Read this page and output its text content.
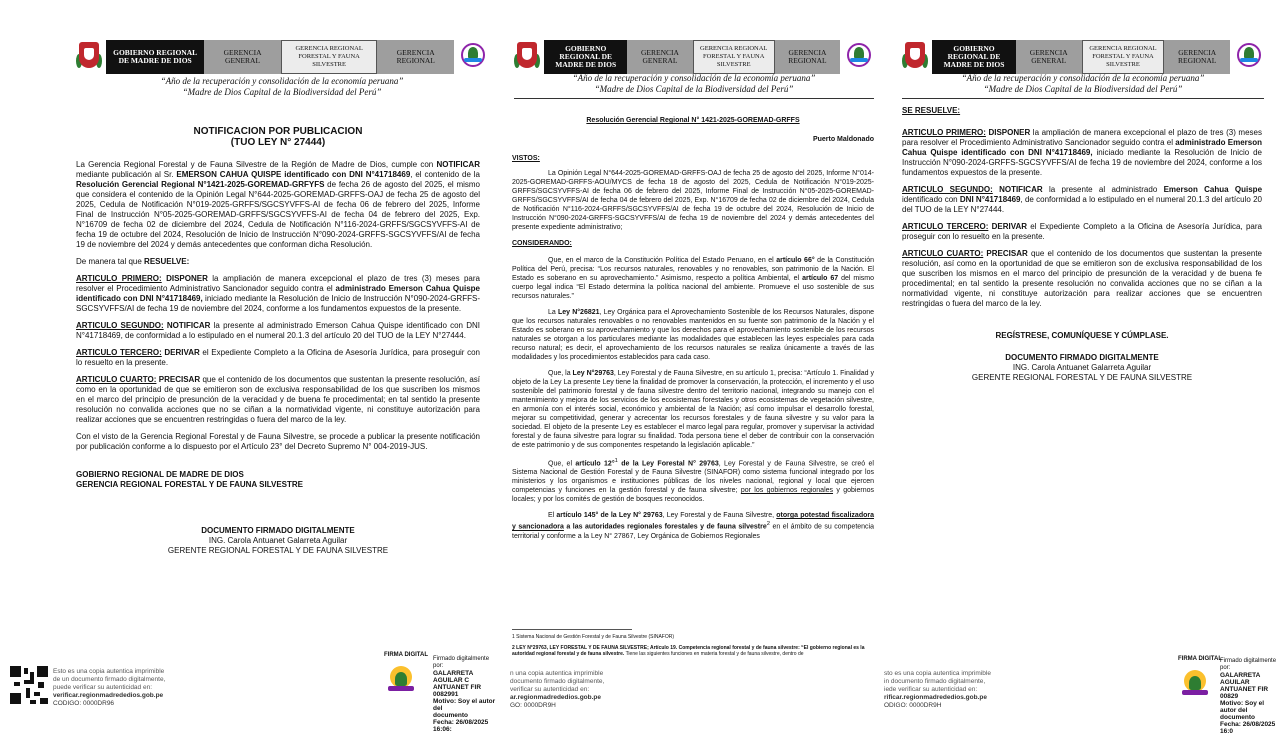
GOBIERNO REGIONAL DE MADRE DE DIOS
GERENCIA GENERAL
GERENCIA REGIONAL FORESTAL Y FAUNA SILVESTRE
GERENCIA REGIONAL
“Año de la recuperación y consolidación de la economía peruana”
“Madre de Dios Capital de la Biodiversidad del Perú”
NOTIFICACION POR PUBLICACION
(TUO LEY N° 27444)

La Gerencia Regional Forestal y de Fauna Silvestre de la Región de Madre de Dios, cumple con NOTIFICAR mediante publicación al Sr. EMERSON CAHUA QUISPE identificado con DNI N°41718469, el contenido de la Resolución Gerencial Regional N°1421-2025-GOREMAD-GRFYFS de fecha 26 de agosto del 2025, el mismo que considera el contenido de la Opinión Legal N°644-2025-GOREMAD-GRFFS-OAJ de fecha 25 de agosto del 2025, Cedula de Notificación N°019-2025-GRFFS/SGCSYVFFS-AI de fecha 06 de febrero del 2025, Informe Final de Instrucción N°05-2025-GOREMAD-GRFFS/SGCSYVFFS-AI de fecha 04 de febrero del 2025, Exp. N°16709 de fecha 02 de diciembre del 2024, Cedula de Notificación N°116-2024-GRFFS/SGCSYVFFS-AI de fecha 19 de octubre del 2024, Resolución de Inicio de Instrucción N°090-2024-GRFFS-SGCSYVFFS/AI de fecha 19 de noviembre del 2024 y demás antecedentes que conforman dicha Resolución.

De manera tal que RESUELVE:

ARTICULO PRIMERO: DISPONER la ampliación de manera excepcional el plazo de tres (3) meses para resolver el Procedimiento Administrativo Sancionador seguido contra el administrado Emerson Cahua Quispe identificado con DNI N°41718469, iniciado mediante la Resolución de Inicio de Instrucción N°090-2024-GRFFS-SGCSYVFFS/AI de fecha 19 de noviembre del 2024, conforme a los fundamentos expuestos de la presente.

ARTICULO SEGUNDO: NOTIFICAR la presente al administrado Emerson Cahua Quispe identificado con DNI N°41718469, de conformidad a lo estipulado en el numeral 20.1.3 del artículo 20 del TUO de la LEY N°27444.

ARTICULO TERCERO: DERIVAR el Expediente Completo a la Oficina de Asesoría Jurídica, para proseguir con lo resuelto en la presente.

ARTICULO CUARTO: PRECISAR que el contenido de los documentos que sustentan la presente resolución, así como en la oportunidad de que se emitieron son de exclusiva responsabilidad de los que suscriben los mismos en el marco del principio de presunción de la veracidad y de buena fe procedimental; en tal sentido la presente resolución no convalida acciones que no se ciñan a la normatividad vigente, ni constituye autorización para realizar acciones que se encuentren restringidas o fuera del marco de la ley.

Con el visto de la Gerencia Regional Forestal y de Fauna Silvestre, se procede a publicar la presente notificación por publicación conforme a lo dispuesto por el Artículo 23° del Decreto Supremo N° 004-2019-JUS.

GOBIERNO REGIONAL DE MADRE DE DIOS
GERENCIA REGIONAL FORESTAL Y DE FAUNA SILVESTRE
DOCUMENTO FIRMADO DIGITALMENTE
ING. Carola Antuanet Galarreta Aguilar
GERENTE REGIONAL FORESTAL Y DE FAUNA SILVESTRE
Esto es una copia autentica imprimible
de un documento firmado digitalmente,
puede verificar su autenticidad en:
verificar.regionmadrededios.gob.pe
CODIGO: 0000DR96
FIRMA DIGITAL
Firmado digitalmente por:
GALARRETA AGUILAR C
ANTUANET FIR 0082991
Motivo: Soy el autor del
documento
Fecha: 26/08/2025 16:06:
GOBIERNO REGIONAL DE MADRE DE DIOS
GERENCIA GENERAL
GERENCIA REGIONAL FORESTAL Y FAUNA SILVESTRE
GERENCIA REGIONAL
“Año de la recuperación y consolidación de la economía peruana”
“Madre de Dios Capital de la Biodiversidad del Perú”

Resolución Gerencial Regional N° 1421-2025-GOREMAD-GRFFS

Puerto Maldonado

VISTOS:

La Opinión Legal N°644-2025-GOREMAD-GRFFS-OAJ de fecha 25 de agosto del 2025, Informe N°014-2025-GOREMAD-GRFFS-AOU/MYCS de fecha 18 de agosto del 2025, Cedula de Notificación N°019-2025-GRFFS/SGCSYVFFS-AI de fecha 06 de febrero del 2025, Informe Final de Instrucción N°05-2025-GOREMAD-GRFFS/SGCSYVFFS/AI de fecha 04 de febrero del 2025, Exp. N°16709 de fecha 02 de diciembre del 2024, Cedula de Notificación N°116-2024-GRFFS/SGCSYVFFS/AI de fecha 19 de octubre del 2024, Resolución de Inicio de Instrucción N°090-2024-GRFFS-SGCSYVFFS/AI de fecha 19 de noviembre del 2024 y demás antecedentes del presente expediente administrativo;

CONSIDERANDO:

Que, en el marco de la Constitución Política del Estado Peruano, en el artículo 66° de la Constitución Política del Perú, precisa: “Los recursos naturales, renovables y no renovables, son patrimonio de la Nación. El Estado es soberano en su aprovechamiento.” Asimismo, respecto a política Ambiental, el artículo 67 del mismo cuerpo legal indica “El Estado determina la política nacional del ambiente. Promueve el uso sostenible de sus recursos naturales.”

La Ley N°26821, Ley Orgánica para el Aprovechamiento Sostenible de los Recursos Naturales, dispone que los recursos naturales renovables o no renovables mantenidos en su fuente son patrimonio de la Nación y el Estado es soberano en su aprovechamiento y que los derechos para el aprovechamiento sostenible de los recursos naturales se otorgan a los particulares mediante las modalidades que establecen las leyes especiales para cada recurso natural; es decir, el aprovechamiento de los recursos naturales se realiza únicamente a través de las modalidades y los procedimientos establecidos para cada caso.

Que, la Ley N°29763, Ley Forestal y de Fauna Silvestre, en su artículo 1, precisa: “Artículo 1. Finalidad y objeto de la Ley La presente Ley tiene la finalidad de promover la conservación, la protección, el incremento y el uso sostenible del patrimonio forestal y de fauna silvestre dentro del territorio nacional, integrando su manejo con el mantenimiento y mejora de los servicios de los ecosistemas forestales y otros ecosistemas de vegetación silvestre, en armonía con el interés social, económico y ambiental de la Nación; así como impulsar el desarrollo forestal, mejorar su competitividad, generar y acrecentar los recursos forestales y de fauna silvestre y su valor para la sociedad. El objeto de la presente Ley es establecer el marco legal para regular, promover y supervisar la actividad forestal y de fauna silvestre para lograr su finalidad. Toda persona tiene el deber de contribuir con la conservación de este patrimonio y de sus componentes respetando la legislación aplicable.”

Que, el artículo 12°$^1$ de la Ley Forestal N° 29763, Ley Forestal y de Fauna Silvestre, se creó el Sistema Nacional de Gestión Forestal y de Fauna Silvestre (SINAFOR) como sistema funcional integrado por los ministerios y los organismos e instituciones públicas de los niveles nacional, regional y local que ejercen competencias y funciones en la gestión forestal y de fauna silvestre; por los gobiernos regionales y gobiernos locales; y por los comités de gestión de bosques reconocidos.

El artículo 145° de la Ley N° 29763, Ley Forestal y de Fauna Silvestre, otorga potestad fiscalizadora y sancionadora a las autoridades regionales forestales y de fauna silvestre$^2$ en el ámbito de su competencia territorial y conforme a la Ley N° 27867, Ley Orgánica de Gobiernos Regionales

1 Sistema Nacional de Gestión Forestal y de Fauna Silvestre (SINAFOR)
2 LEY N°29763, LEY FORESTAL Y DE FAUNA SILVESTRE; Artículo 19. Competencia regional forestal y de fauna silvestre: “El gobierno regional es la autoridad regional forestal y de fauna silvestre. Tiene las siguientes funciones en materia forestal y de fauna silvestre, dentro de
n una copia autentica imprimible
documento firmado digitalmente,
verificar su autenticidad en:
ar.regionmadrededios.gob.pe
GO: 0000DR9H
GOBIERNO REGIONAL DE MADRE DE DIOS
GERENCIA GENERAL
GERENCIA REGIONAL FORESTAL Y FAUNA SILVESTRE
GERENCIA REGIONAL
“Año de la recuperación y consolidación de la economía peruana”
“Madre de Dios Capital de la Biodiversidad del Perú”

SE RESUELVE:

ARTICULO PRIMERO: DISPONER la ampliación de manera excepcional el plazo de tres (3) meses para resolver el Procedimiento Administrativo Sancionador seguido contra el administrado Emerson Cahua Quispe identificado con DNI N°41718469, iniciado mediante la Resolución de Inicio de Instrucción N°090-2024-GRFFS-SGCSYVFFS/AI de fecha 19 de noviembre del 2024, conforme a los fundamentos expuestos de la presente.

ARTICULO SEGUNDO: NOTIFICAR la presente al administrado Emerson Cahua Quispe identificado con DNI N°41718469, de conformidad a lo estipulado en el numeral 20.1.3 del artículo 20 del TUO de la LEY N°27444.

ARTICULO TERCERO: DERIVAR el Expediente Completo a la Oficina de Asesoría Jurídica, para proseguir con lo resuelto en la presente.

ARTICULO CUARTO: PRECISAR que el contenido de los documentos que sustentan la presente resolución, así como en la oportunidad de que se emitieron son de exclusiva responsabilidad de los que suscriben los mismos en el marco del principio de presunción de la veracidad y de buena fe procedimental; en tal sentido la presente resolución no convalida acciones que no se ciñan a la normatividad vigente, ni constituye autorización para realizar acciones que se encuentren restringidas o fuera del marco de la ley.

REGÍSTRESE, COMUNÍQUESE Y CÚMPLASE.

DOCUMENTO FIRMADO DIGITALMENTE
ING. Carola Antuanet Galarreta Aguilar
GERENTE REGIONAL FORESTAL Y DE FAUNA SILVESTRE
sto es una copia autentica imprimible
in documento firmado digitalmente,
iede verificar su autenticidad en:
rificar.regionmadrededios.gob.pe
ODIGO: 0000DR9H
FIRMA DIGITAL
Firmado digitalmente por:
GALARRETA AGUILAR
ANTUANET FIR 00829
Motivo: Soy el autor del
documento
Fecha: 26/08/2025 16:0
